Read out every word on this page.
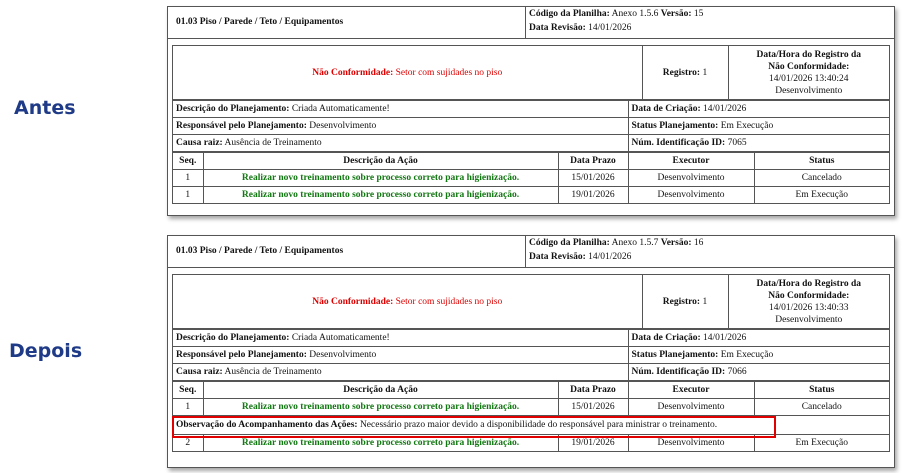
Antes
Depois
01.03 Piso / Parede / Teto / Equipamentos
Código da Planilha: Anexo 1.5.6 Versão: 15
Data Revisão: 14/01/2026
Não Conformidade: Setor com sujidades no piso	Registro: 1	
Data/Hora do Registro da
Não Conformidade:
14/01/2026 13:40:24
Desenvolvimento
Descrição do Planejamento: Criada Automaticamente!	Data de Criação: 14/01/2026
Responsável pelo Planejamento: Desenvolvimento	Status Planejamento: Em Execução
Causa raiz: Ausência de Treinamento	Núm. Identificação ID: 7065
Seq.	Descrição da Ação	Data Prazo	Executor	Status
1	Realizar novo treinamento sobre processo correto para higienização.	15/01/2026	Desenvolvimento	Cancelado
1	Realizar novo treinamento sobre processo correto para higienização.	19/01/2026	Desenvolvimento	Em Execução
01.03 Piso / Parede / Teto / Equipamentos
Código da Planilha: Anexo 1.5.7 Versão: 16
Data Revisão: 14/01/2026
Não Conformidade: Setor com sujidades no piso	Registro: 1	
Data/Hora do Registro da
Não Conformidade:
14/01/2026 13:40:33
Desenvolvimento
Descrição do Planejamento: Criada Automaticamente!	Data de Criação: 14/01/2026
Responsável pelo Planejamento: Desenvolvimento	Status Planejamento: Em Execução
Causa raiz: Ausência de Treinamento	Núm. Identificação ID: 7066
Seq.	Descrição da Ação	Data Prazo	Executor	Status
1	Realizar novo treinamento sobre processo correto para higienização.	15/01/2026	Desenvolvimento	Cancelado
Observação do Acompanhamento das Ações: Necessário prazo maior devido a disponibilidade do responsável para ministrar o treinamento.				
2	Realizar novo treinamento sobre processo correto para higienização.	19/01/2026	Desenvolvimento	Em Execução
